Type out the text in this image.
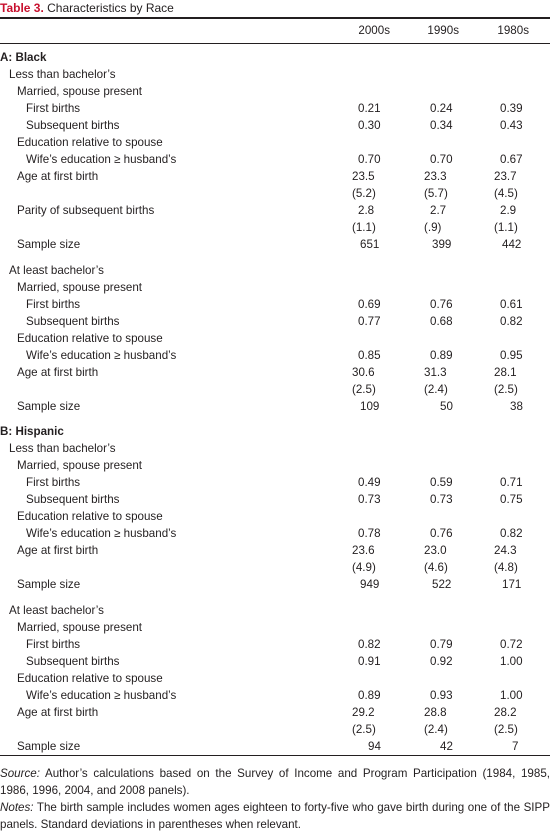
Table 3. Characteristics by Race
2000s	1990s	1980s
A: Black
Less than bachelor’s
Married, spouse present
First births	0.21	0.24	0.39
Subsequent births	0.30	0.34	0.43
Education relative to spouse
Wife’s education ≥ husband’s	0.70	0.70	0.67
Age at first birth	23.5	23.3	23.7
(5.2)	(5.7)	(4.5)
Parity of subsequent births	2.8	2.7	2.9
(1.1)	(.9)	(1.1)
Sample size	651	399	442
At least bachelor’s
Married, spouse present
First births	0.69	0.76	0.61
Subsequent births	0.77	0.68	0.82
Education relative to spouse
Wife’s education ≥ husband’s	0.85	0.89	0.95
Age at first birth	30.6	31.3	28.1
(2.5)	(2.4)	(2.5)
Sample size	109	50	38
B: Hispanic
Less than bachelor’s
Married, spouse present
First births	0.49	0.59	0.71
Subsequent births	0.73	0.73	0.75
Education relative to spouse
Wife’s education ≥ husband’s	0.78	0.76	0.82
Age at first birth	23.6	23.0	24.3
(4.9)	(4.6)	(4.8)
Sample size	949	522	171
At least bachelor’s
Married, spouse present
First births	0.82	0.79	0.72
Subsequent births	0.91	0.92	1.00
Education relative to spouse
Wife’s education ≥ husband’s	0.89	0.93	1.00
Age at first birth	29.2	28.8	28.2
(2.5)	(2.4)	(2.5)
Sample size	94	42	7
Source: Author’s calculations based on the Survey of Income and Program Participation (1984, 1985, 1986, 1996, 2004, and 2008 panels).
Notes: The birth sample includes women ages eighteen to forty-five who gave birth during one of the SIPP panels. Standard deviations in parentheses when relevant.
